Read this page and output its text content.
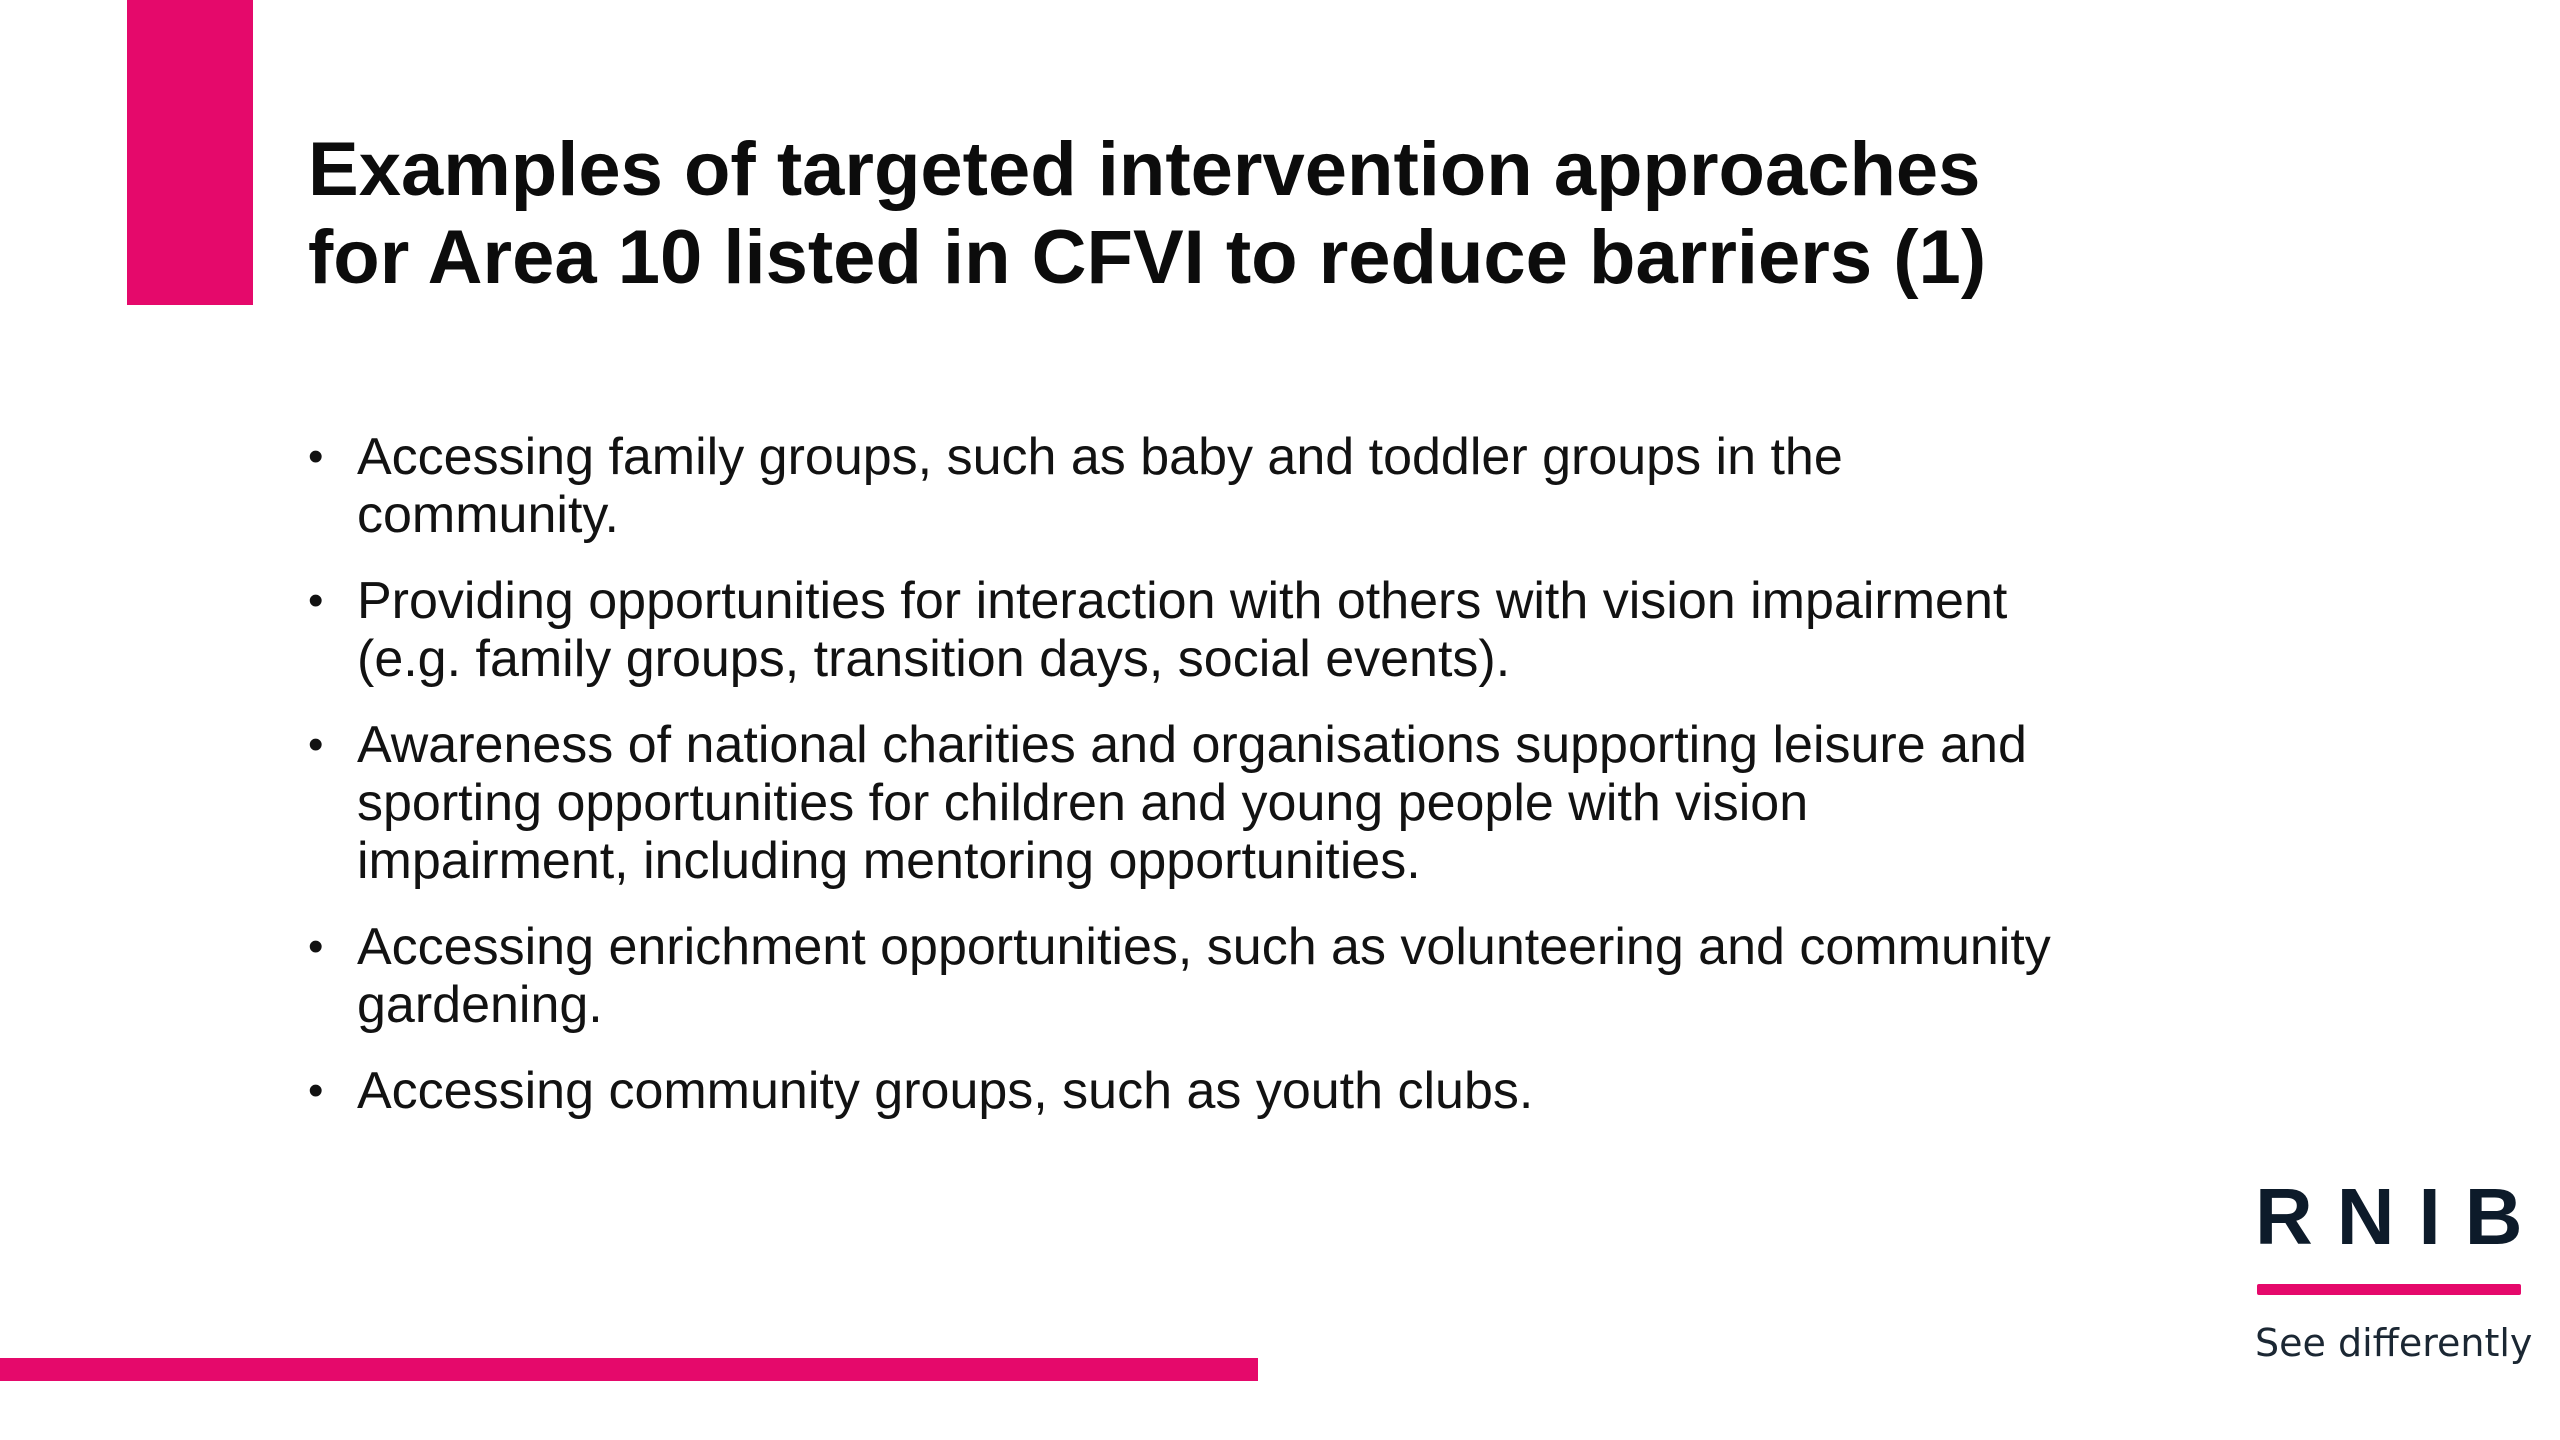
Examples of targeted intervention approaches
for Area 10 listed in CFVI to reduce barriers (1)
• Accessing family groups, such as baby and toddler groups in the
community.
• Providing opportunities for interaction with others with vision impairment
(e.g. family groups, transition days, social events).
• Awareness of national charities and organisations supporting leisure and
sporting opportunities for children and young people with vision
impairment, including mentoring opportunities.
• Accessing enrichment opportunities, such as volunteering and community
gardening.
• Accessing community groups, such as youth clubs.
RNIB
See differently
